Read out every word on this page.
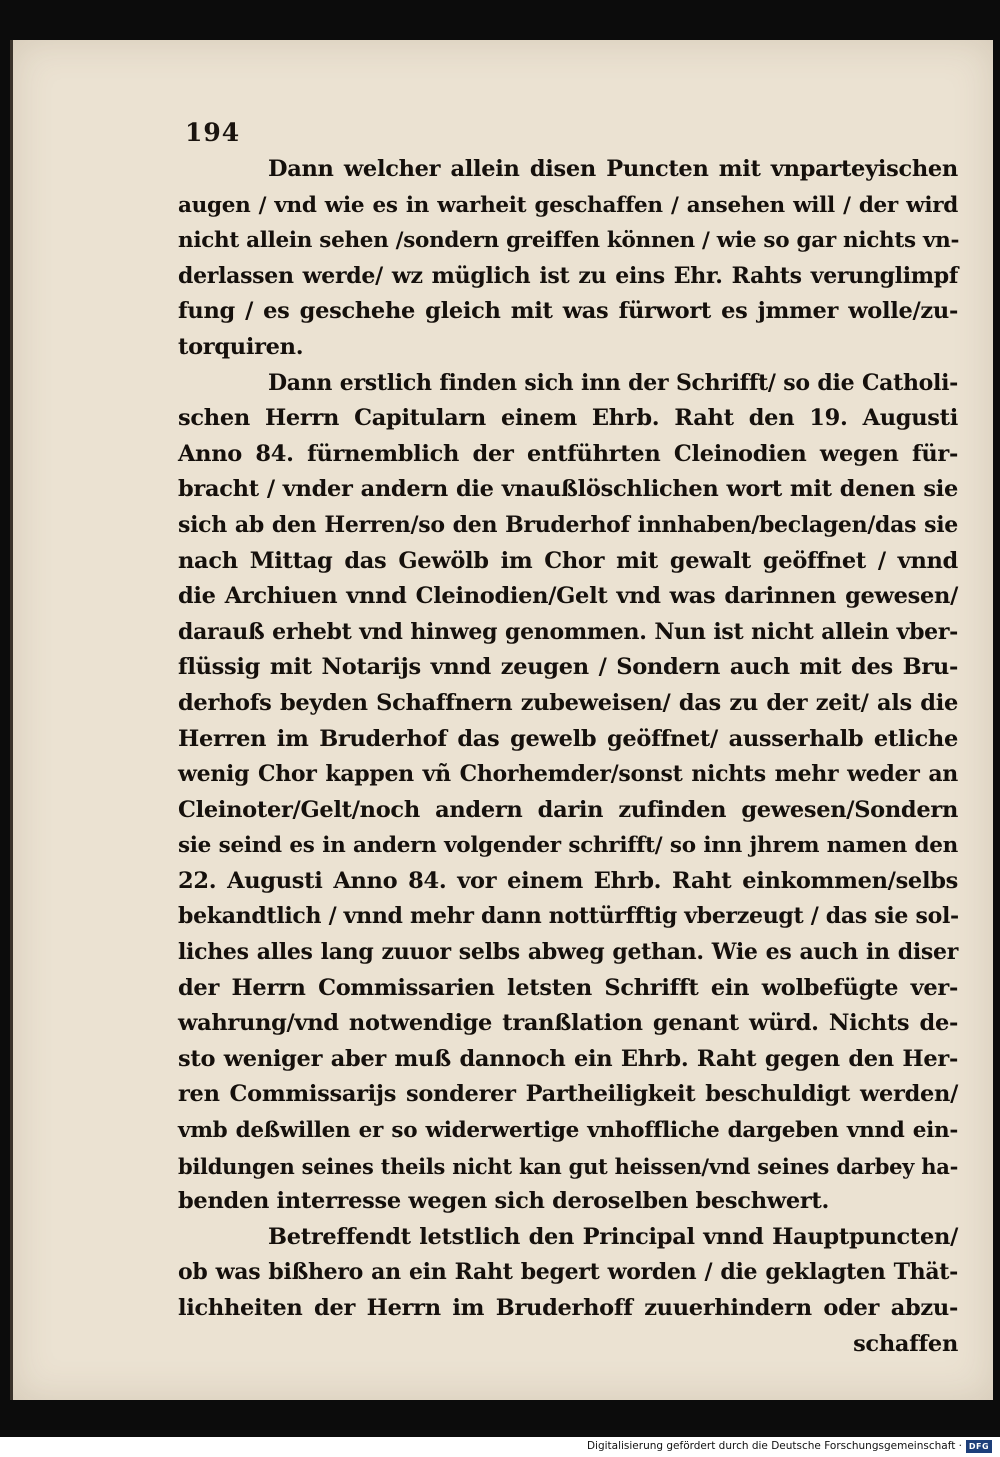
194
Dann welcher allein disen Puncten mit vnparteyischen
augen / vnd wie es in warheit geschaffen / ansehen will / der wird
nicht allein sehen /sondern greiffen können / wie so gar nichts vn-
derlassen werde/ wz müglich ist zu eins Ehr. Rahts verunglimpf
fung / es geschehe gleich mit was fürwort es jmmer wolle/zu-
torquiren.
Dann erstlich finden sich inn der Schrifft/ so die Catholi-
schen Herrn Capitularn einem Ehrb. Raht den 19. Augusti
Anno 84. fürnemblich der entführten Cleinodien wegen für-
bracht / vnder andern die vnaußlöschlichen wort mit denen sie
sich ab den Herren/so den Bruderhof innhaben/beclagen/das sie
nach Mittag das Gewölb im Chor mit gewalt geöffnet / vnnd
die Archiuen vnnd Cleinodien/Gelt vnd was darinnen gewesen/
darauß erhebt vnd hinweg genommen. Nun ist nicht allein vber-
flüssig mit Notarijs vnnd zeugen / Sondern auch mit des Bru-
derhofs beyden Schaffnern zubeweisen/ das zu der zeit/ als die
Herren im Bruderhof das gewelb geöffnet/ ausserhalb etliche
wenig Chor kappen vñ Chorhemder/sonst nichts mehr weder an
Cleinoter/Gelt/noch andern darin zufinden gewesen/Sondern
sie seind es in andern volgender schrifft/ so inn jhrem namen den
22. Augusti Anno 84. vor einem Ehrb. Raht einkommen/selbs
bekandtlich / vnnd mehr dann nottürfftig vberzeugt / das sie sol-
liches alles lang zuuor selbs abweg gethan. Wie es auch in diser
der Herrn Commissarien letsten Schrifft ein wolbefügte ver-
wahrung/vnd notwendige tranßlation genant würd. Nichts de-
sto weniger aber muß dannoch ein Ehrb. Raht gegen den Her-
ren Commissarijs sonderer Partheiligkeit beschuldigt werden/
vmb deßwillen er so widerwertige vnhoffliche dargeben vnnd ein-
bildungen seines theils nicht kan gut heissen/vnd seines darbey ha-
benden interresse wegen sich deroselben beschwert.
Betreffendt letstlich den Principal vnnd Hauptpuncten/
ob was bißhero an ein Raht begert worden / die geklagten Thät-
lichheiten der Herrn im Bruderhoff zuuerhindern oder abzu-
schaffen
Digitalisierung gefördert durch die Deutsche Forschungsgemeinschaft · DFG
